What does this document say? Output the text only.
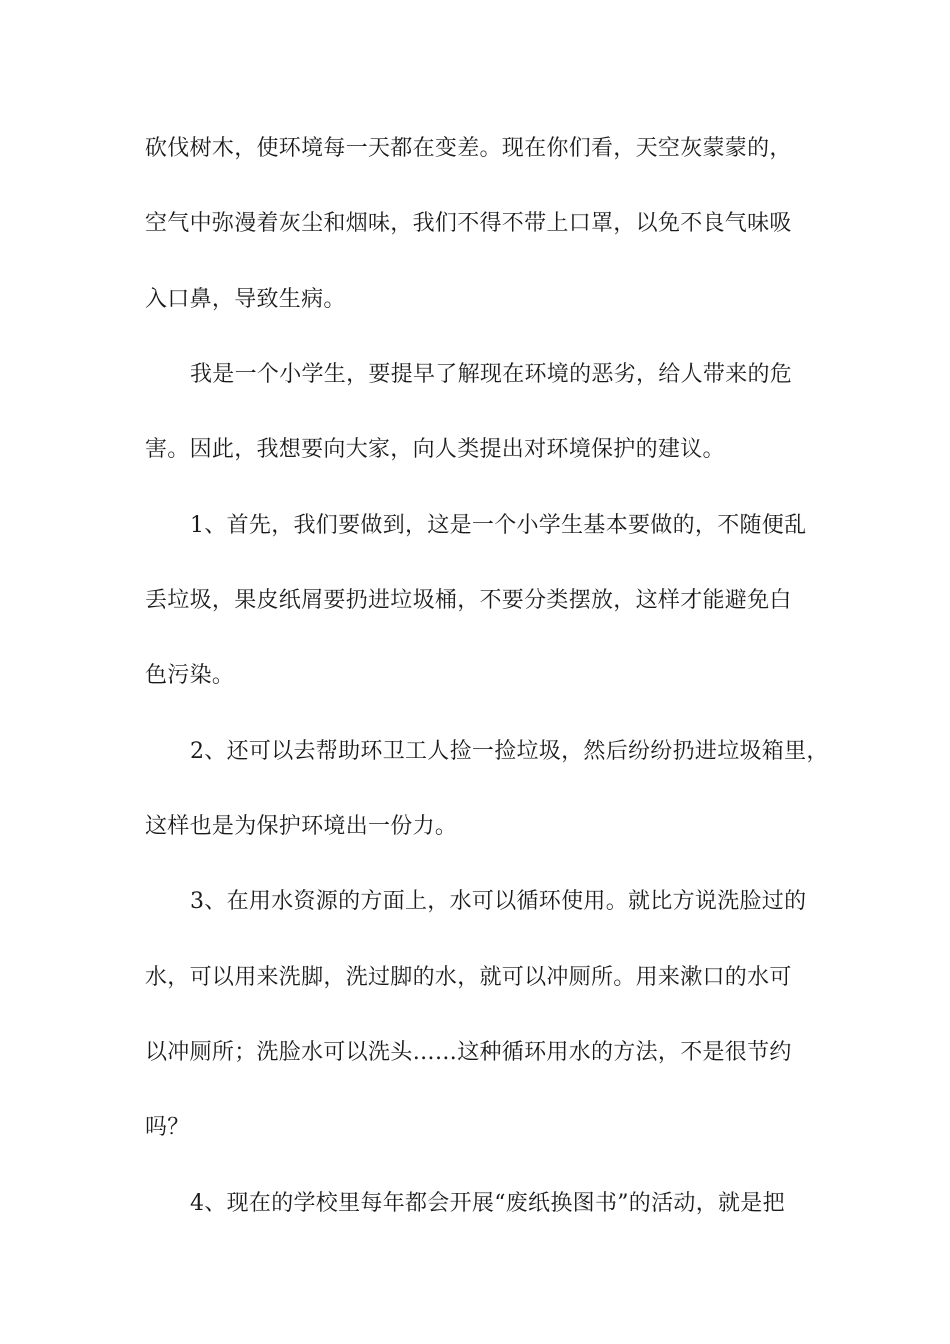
砍伐树木，使环境每一天都在变差。现在你们看，天空灰蒙蒙的，
空气中弥漫着灰尘和烟味，我们不得不带上口罩，以免不良气味吸
入口鼻，导致生病。
我是一个小学生，要提早了解现在环境的恶劣，给人带来的危
害。因此，我想要向大家，向人类提出对环境保护的建议。
1、首先，我们要做到，这是一个小学生基本要做的，不随便乱
丢垃圾，果皮纸屑要扔进垃圾桶，不要分类摆放，这样才能避免白
色污染。
2、还可以去帮助环卫工人捡一捡垃圾，然后纷纷扔进垃圾箱里，
这样也是为保护环境出一份力。
3、在用水资源的方面上，水可以循环使用。就比方说洗脸过的
水，可以用来洗脚，洗过脚的水，就可以冲厕所。用来漱口的水可
以冲厕所；洗脸水可以洗头……这种循环用水的方法，不是很节约
吗？
4、现在的学校里每年都会开展“废纸换图书”的活动，就是把
